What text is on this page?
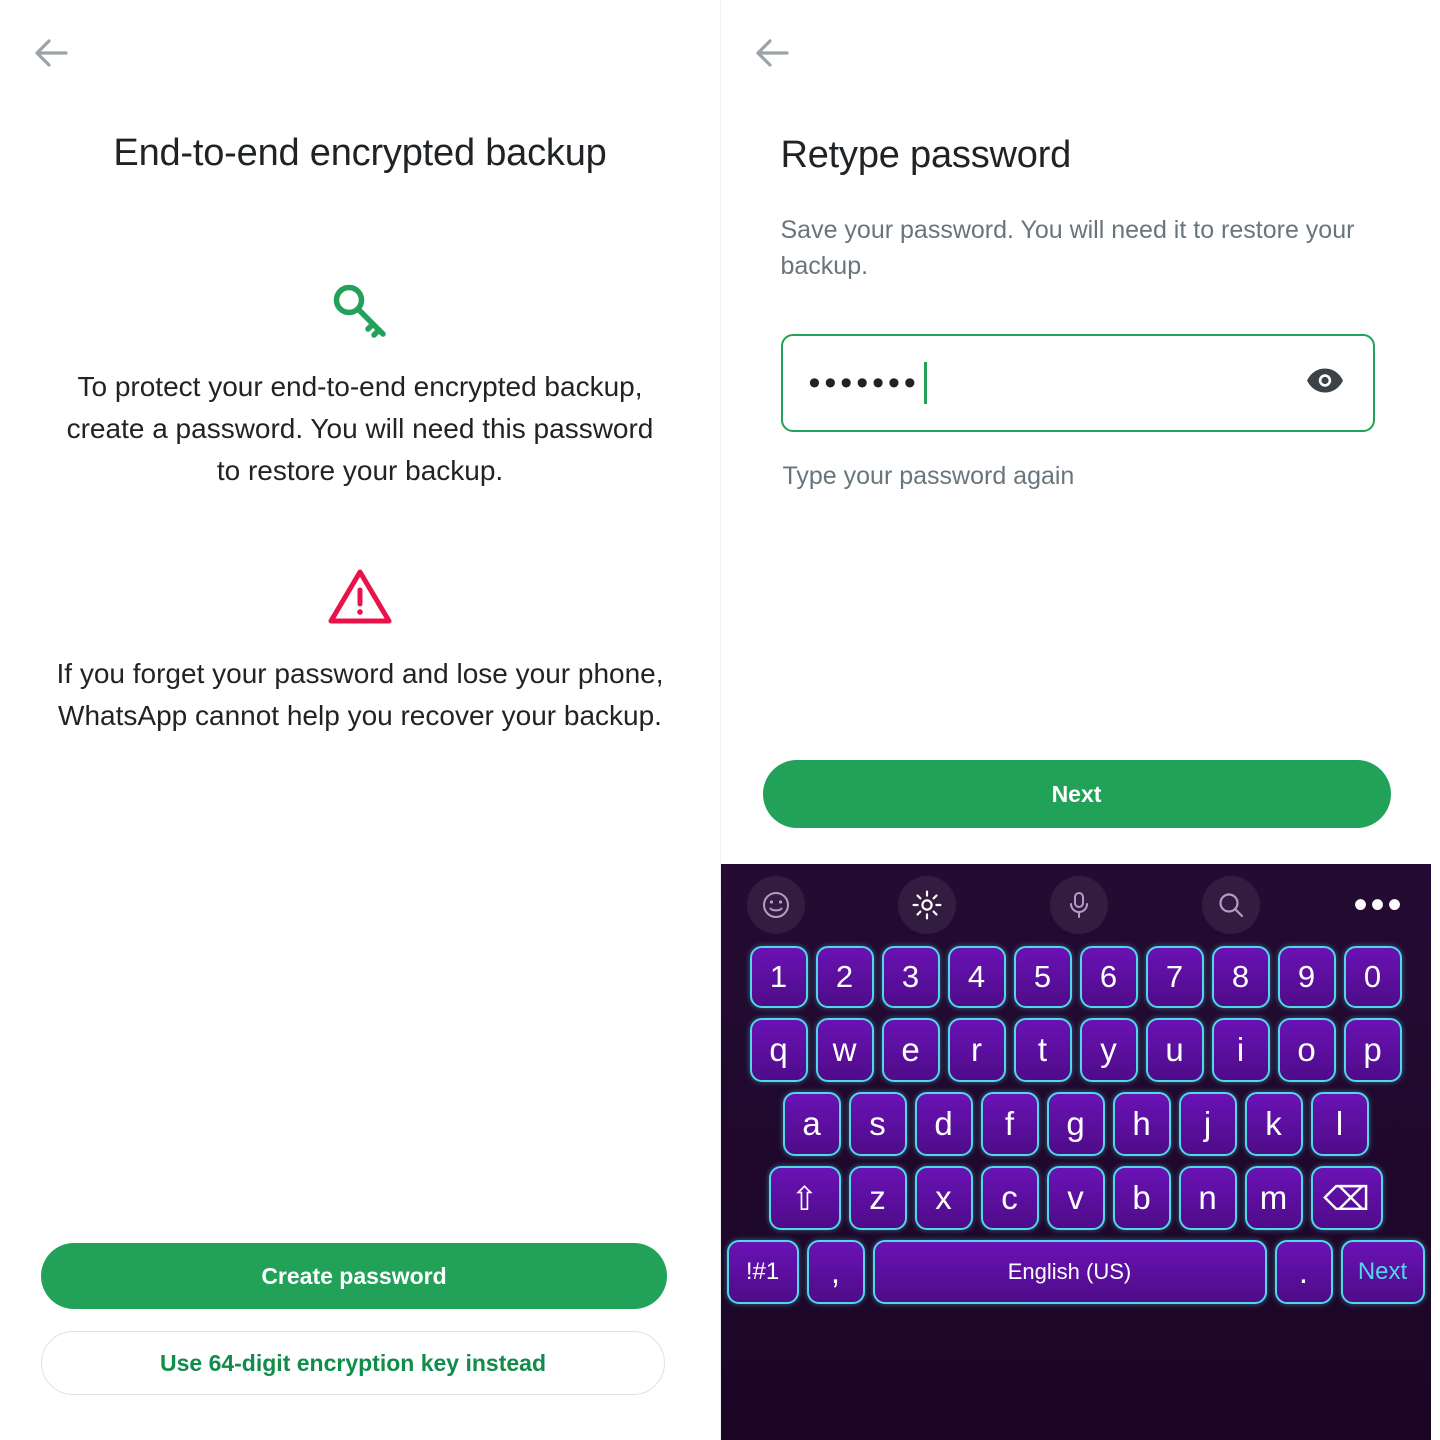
End-to-end encrypted backup
To protect your end-to-end encrypted backup, create a password. You will need this password to restore your backup.
If you forget your password and lose your phone, WhatsApp cannot help you recover your backup.
Create password
Use 64-digit encryption key instead
Retype password
Save your password. You will need it to restore your backup.
•••••••
Type your password again
Next
•••
1	2	3	4	5	6	7	8	9	0
q	w	e	r	t	y	u	i	o	p
a	s	d	f	g	h	j	k	l
⇧	z	x	c	v	b	n	m	⌫
!#1	,	English (US)	.	Next
